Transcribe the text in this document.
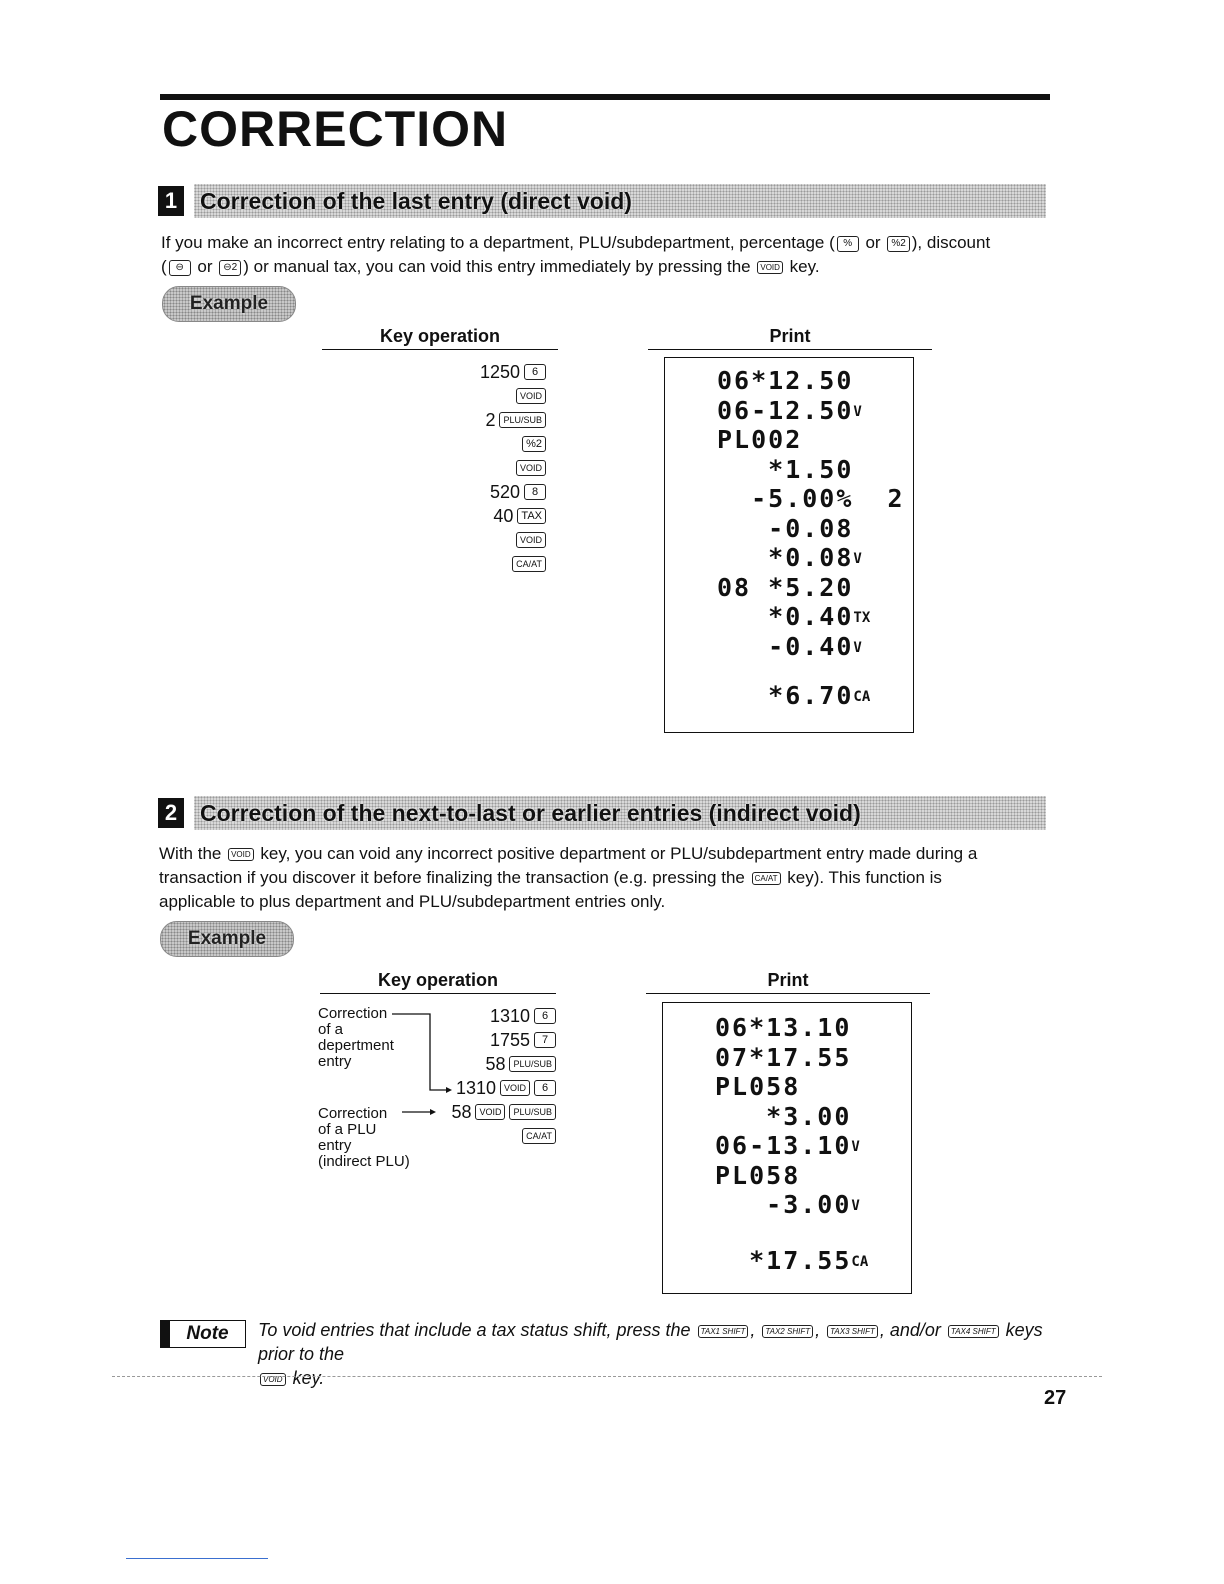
CORRECTION
1 Correction of the last entry (direct void)
If you make an incorrect entry relating to a department, PLU/subdepartment, percentage ( % or %2 ), discount
( ⊖ or ⊖2 ) or manual tax, you can void this entry immediately by pressing the VOID key.
Example
Key operation	Print
1250	6
VOID
2 PLU/SUB
%2
VOID
520	8
40 TAX
VOID
CA/AT
06*12.50
06-12.50V
PL002
*1.50
-5.00%  2
-0.08
*0.08V
08 *5.20
*0.40TX
-0.40V
*6.70CA
2 Correction of the next-to-last or earlier entries (indirect void)
With the VOID key, you can void any incorrect positive department or PLU/subdepartment entry made during a
transaction if you discover it before finalizing the transaction (e.g. pressing the CA/AT key). This function is
applicable to plus department and PLU/subdepartment entries only.
Example
Key operation	Print
Correction
of a
depertment
entry
Correction
of a PLU
entry
(indirect PLU)
1310	6
1755	7
58 PLU/SUB
1310 VOID	6
58 VOID	PLU/SUB
CA/AT
06*13.10
07*17.55
PL058
*3.00
06-13.10V
PL058
-3.00V
*17.55CA
Note	To void entries that include a tax status shift, press the TAX1 SHIFT , TAX2 SHIFT , TAX3 SHIFT , and/or TAX4 SHIFT keys prior to the
VOID key.
27
